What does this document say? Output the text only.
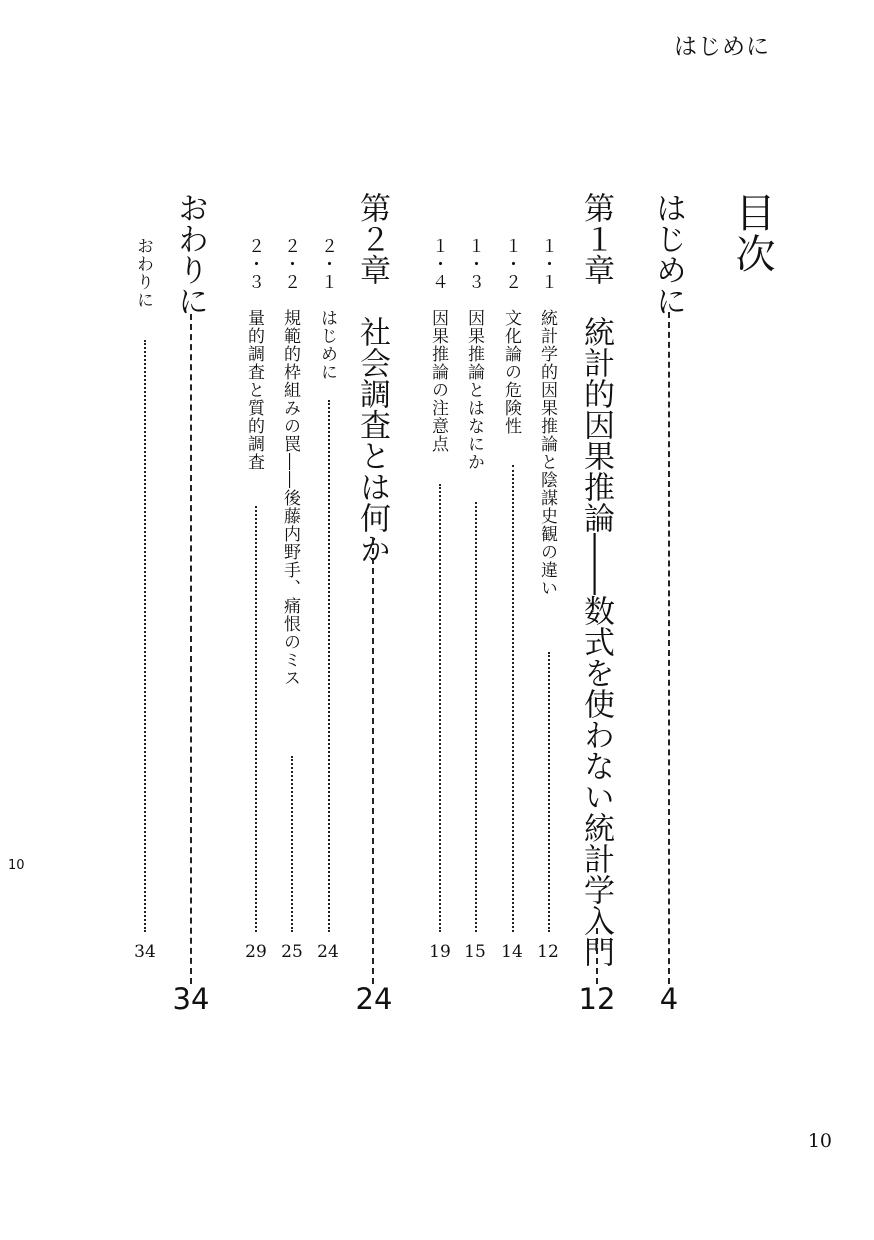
はじめに
目次
はじめに
4
第１章　統計的因果推論――数式を使わない統計学入門
12
１・１　統計学的因果推論と陰謀史観の違い
12
１・２　文化論の危険性
14
１・３　因果推論とはなにか
15
１・４　因果推論の注意点
19
第２章　社会調査とは何か
24
２・１　はじめに
24
２・２　規範的枠組みの罠――後藤内野手、痛恨のミス
25
２・３　量的調査と質的調査
29
おわりに
34
おわりに
34
10
10
